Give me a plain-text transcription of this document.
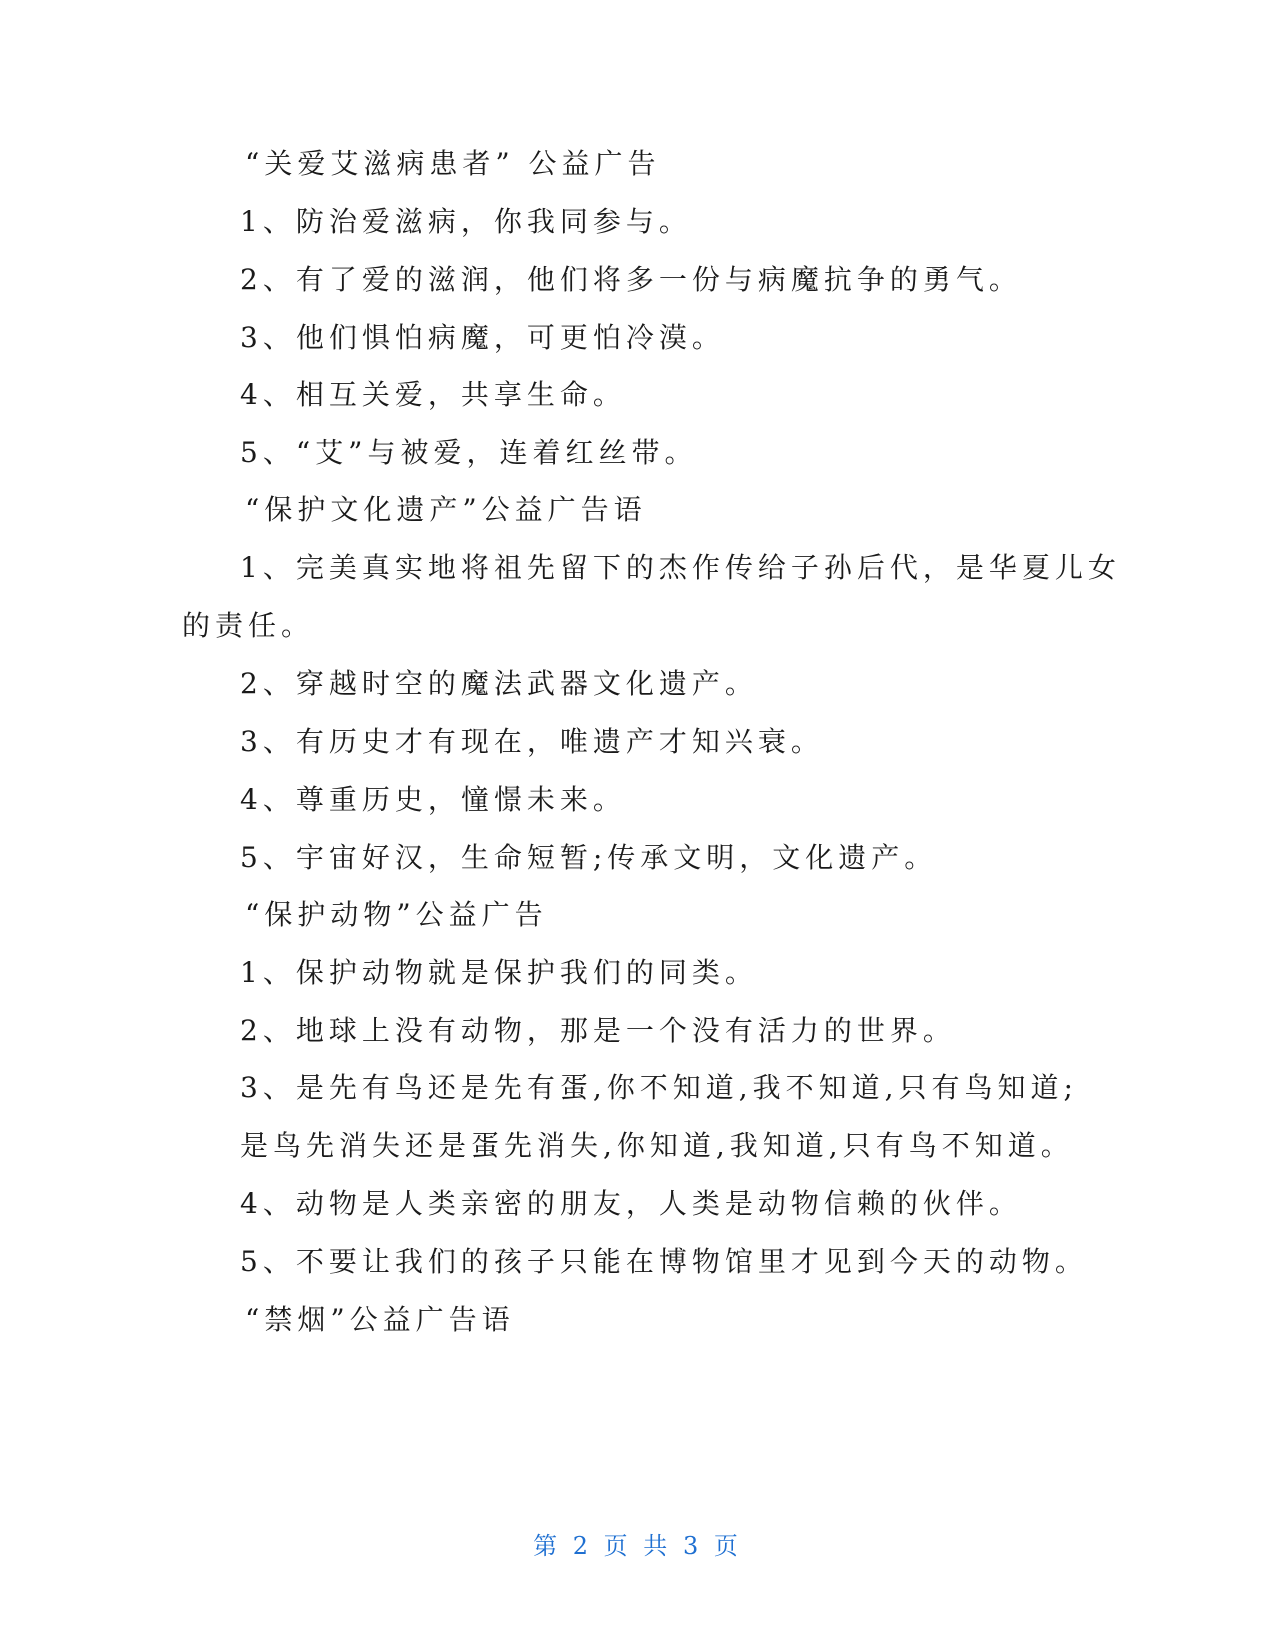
“关爱艾滋病患者” 公益广告
1、防治爱滋病，你我同参与。
2、有了爱的滋润，他们将多一份与病魔抗争的勇气。
3、他们惧怕病魔，可更怕冷漠。
4、相互关爱，共享生命。
5、“艾”与被爱，连着红丝带。
“保护文化遗产”公益广告语
1、完美真实地将祖先留下的杰作传给子孙后代，是华夏儿女
的责任。
2、穿越时空的魔法武器文化遗产。
3、有历史才有现在，唯遗产才知兴衰。
4、尊重历史，憧憬未来。
5、宇宙好汉，生命短暂;传承文明，文化遗产。
“保护动物”公益广告
1、保护动物就是保护我们的同类。
2、地球上没有动物，那是一个没有活力的世界。
3、是先有鸟还是先有蛋,你不知道,我不知道,只有鸟知道;
是鸟先消失还是蛋先消失,你知道,我知道,只有鸟不知道。
4、动物是人类亲密的朋友，人类是动物信赖的伙伴。
5、不要让我们的孩子只能在博物馆里才见到今天的动物。
“禁烟”公益广告语
第 2 页 共 3 页
